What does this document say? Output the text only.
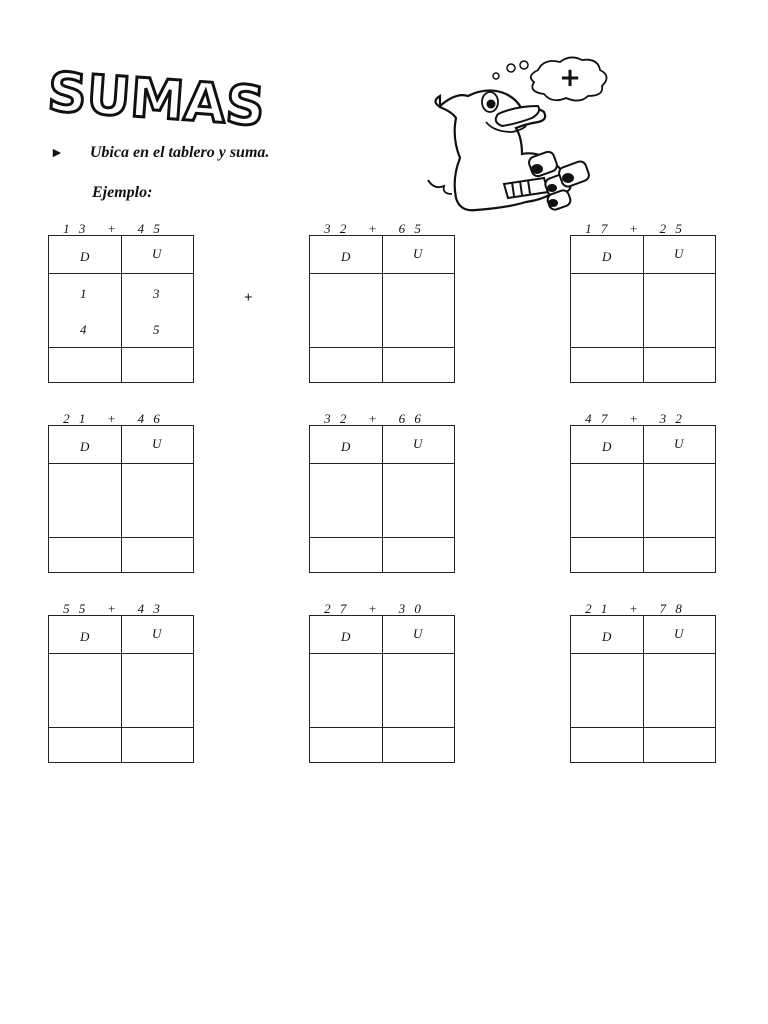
SUMAS	+
► Ubica en el tablero y suma.
Ejemplo:
+
1 3   +   4 5
D	U
1	3
4	5
3 2   +   6 5
D	U
1 7   +   2 5
D	U
2 1   +   4 6
D	U
3 2   +   6 6
D	U
4 7   +   3 2
D	U
5 5   +   4 3
D	U
2 7   +   3 0
D	U
2 1   +   7 8
D	U
